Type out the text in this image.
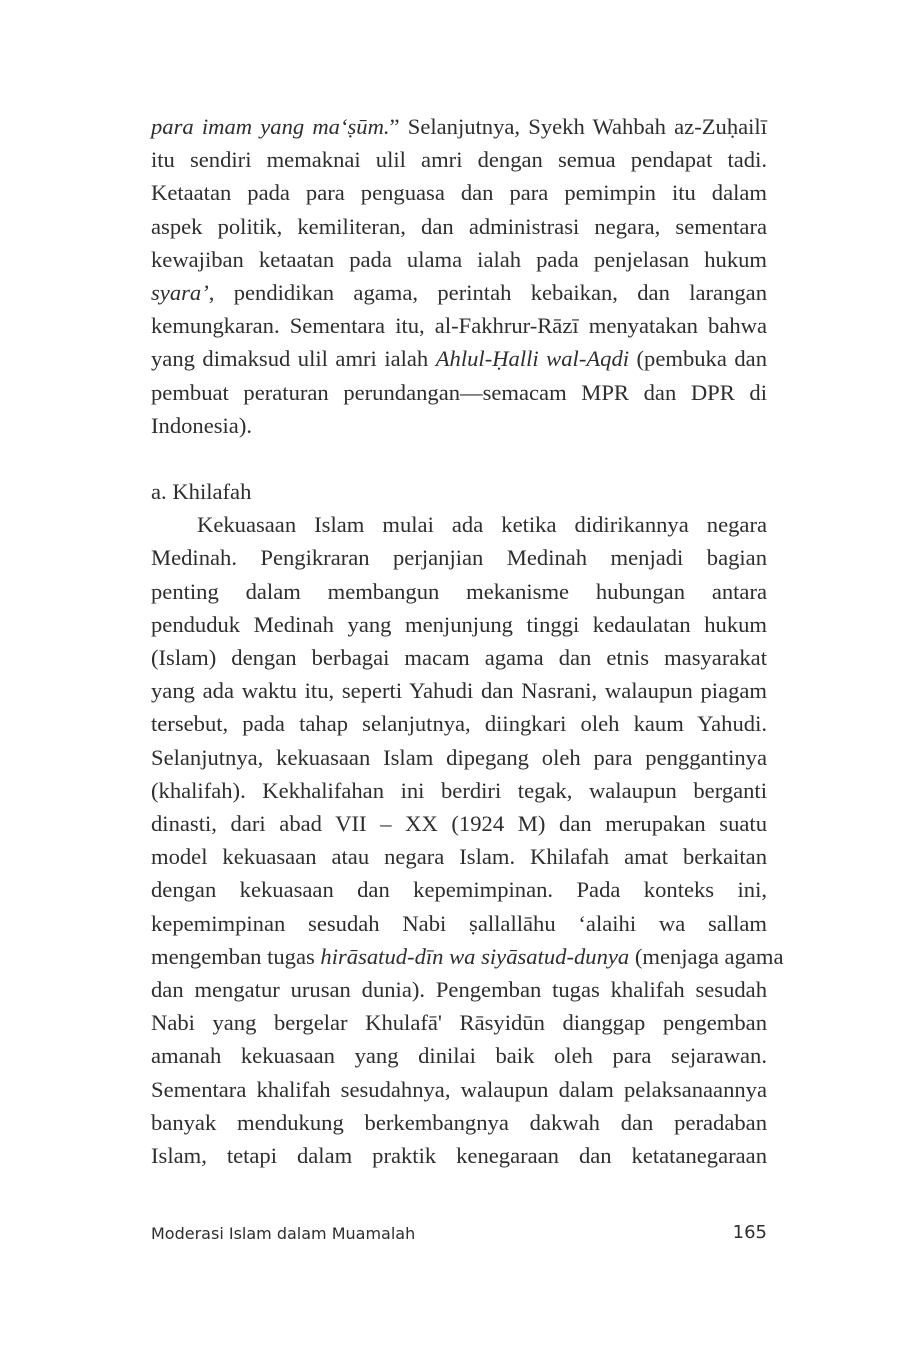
para imam yang ma‘ṣūm.” Selanjutnya, Syekh Wahbah az-Zuḥailī
itu sendiri memaknai ulil amri dengan semua pendapat tadi.
Ketaatan pada para penguasa dan para pemimpin itu dalam
aspek politik, kemiliteran, dan administrasi negara, sementara
kewajiban ketaatan pada ulama ialah pada penjelasan hukum
syara’, pendidikan agama, perintah kebaikan, dan larangan
kemungkaran. Sementara itu, al-Fakhrur-Rāzī menyatakan bahwa
yang dimaksud ulil amri ialah Ahlul-Ḥalli wal-Aqdi (pembuka dan
pembuat peraturan perundangan—semacam MPR dan DPR di
Indonesia).
a. Khilafah
Kekuasaan Islam mulai ada ketika didirikannya negara
Medinah. Pengikraran perjanjian Medinah menjadi bagian
penting dalam membangun mekanisme hubungan antara
penduduk Medinah yang menjunjung tinggi kedaulatan hukum
(Islam) dengan berbagai macam agama dan etnis masyarakat
yang ada waktu itu, seperti Yahudi dan Nasrani, walaupun piagam
tersebut, pada tahap selanjutnya, diingkari oleh kaum Yahudi.
Selanjutnya, kekuasaan Islam dipegang oleh para penggantinya
(khalifah). Kekhalifahan ini berdiri tegak, walaupun berganti
dinasti, dari abad VII – XX (1924 M) dan merupakan suatu
model kekuasaan atau negara Islam. Khilafah amat berkaitan
dengan kekuasaan dan kepemimpinan. Pada konteks ini,
kepemimpinan sesudah Nabi ṣallallāhu ‘alaihi wa sallam
mengemban tugas hirāsatud-dīn wa siyāsatud-dunya (menjaga agama
dan mengatur urusan dunia). Pengemban tugas khalifah sesudah
Nabi yang bergelar Khulafā' Rāsyidūn dianggap pengemban
amanah kekuasaan yang dinilai baik oleh para sejarawan.
Sementara khalifah sesudahnya, walaupun dalam pelaksanaannya
banyak mendukung berkembangnya dakwah dan peradaban
Islam, tetapi dalam praktik kenegaraan dan ketatanegaraan
Moderasi Islam dalam Muamalah	165
